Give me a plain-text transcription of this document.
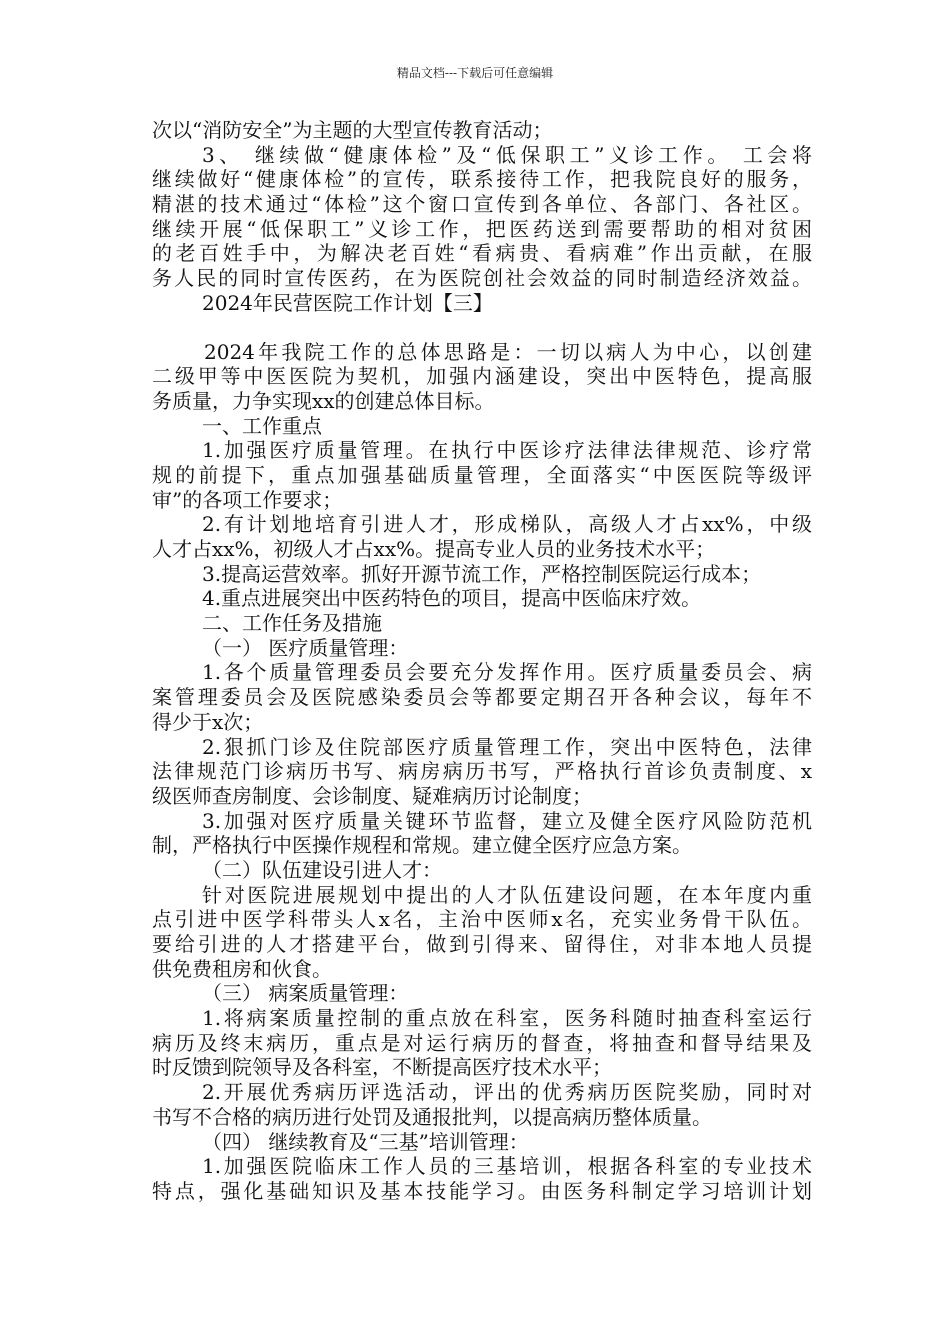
精品文档---下载后可任意编辑
次以“消防安全”为主题的大型宣传教育活动；
3、 继续做“健康体检”及“低保职工”义诊工作。 工会将
继续做好“健康体检”的宣传，联系接待工作，把我院良好的服务，
精湛的技术通过“体检”这个窗口宣传到各单位、各部门、各社区。
继续开展“低保职工”义诊工作，把医药送到需要帮助的相对贫困
的老百姓手中，为解决老百姓“看病贵、看病难”作出贡献，在服
务人民的同时宣传医药，在为医院创社会效益的同时制造经济效益。
2024年民营医院工作计划【三】
2024年我院工作的总体思路是：一切以病人为中心，以创建
二级甲等中医医院为契机，加强内涵建设，突出中医特色，提高服
务质量，力争实现xx的创建总体目标。
一、工作重点
1.加强医疗质量管理。在执行中医诊疗法律法律规范、诊疗常
规的前提下，重点加强基础质量管理，全面落实“中医医院等级评
审”的各项工作要求；
2.有计划地培育引进人才，形成梯队，高级人才占xx%，中级
人才占xx%，初级人才占xx%。提高专业人员的业务技术水平；
3.提高运营效率。抓好开源节流工作，严格控制医院运行成本；
4.重点进展突出中医药特色的项目，提高中医临床疗效。
二、工作任务及措施
（一） 医疗质量管理：
1.各个质量管理委员会要充分发挥作用。医疗质量委员会、病
案管理委员会及医院感染委员会等都要定期召开各种会议，每年不
得少于x次；
2.狠抓门诊及住院部医疗质量管理工作，突出中医特色，法律
法律规范门诊病历书写、病房病历书写，严格执行首诊负责制度、x
级医师查房制度、会诊制度、疑难病历讨论制度；
3.加强对医疗质量关键环节监督，建立及健全医疗风险防范机
制，严格执行中医操作规程和常规。建立健全医疗应急方案。
（二）队伍建设引进人才：
针对医院进展规划中提出的人才队伍建设问题，在本年度内重
点引进中医学科带头人x名，主治中医师x名，充实业务骨干队伍。
要给引进的人才搭建平台，做到引得来、留得住，对非本地人员提
供免费租房和伙食。
（三） 病案质量管理：
1.将病案质量控制的重点放在科室，医务科随时抽查科室运行
病历及终末病历，重点是对运行病历的督查，将抽查和督导结果及
时反馈到院领导及各科室，不断提高医疗技术水平；
2.开展优秀病历评选活动，评出的优秀病历医院奖励，同时对
书写不合格的病历进行处罚及通报批判，以提高病历整体质量。
（四） 继续教育及“三基”培训管理：
1.加强医院临床工作人员的三基培训，根据各科室的专业技术
特点，强化基础知识及基本技能学习。由医务科制定学习培训计划
